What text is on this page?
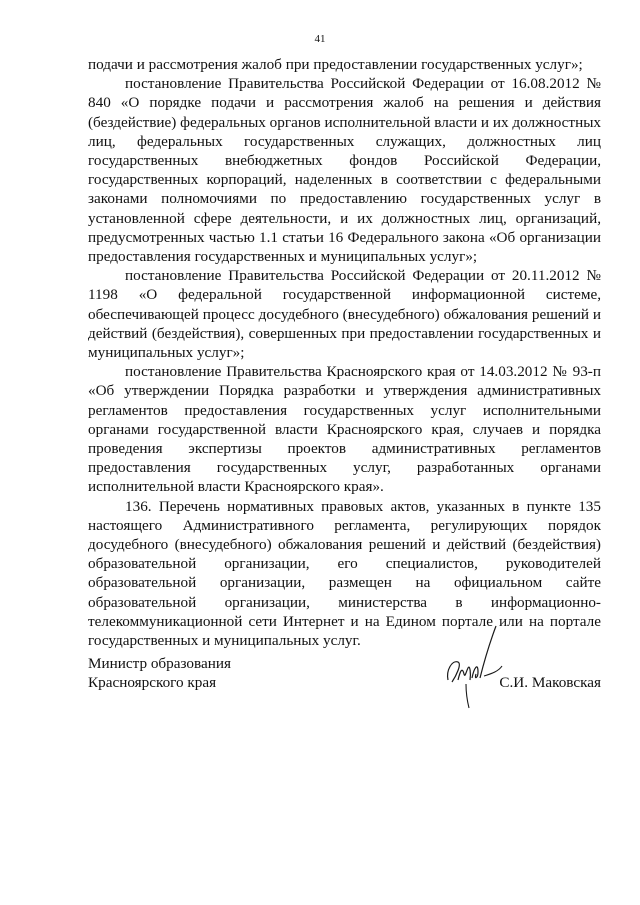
41

подачи и рассмотрения жалоб при предоставлении государственных услуг»;

постановление Правительства Российской Федерации от 16.08.2012 № 840 «О порядке подачи и рассмотрения жалоб на решения и действия (бездействие) федеральных органов исполнительной власти и их должностных лиц, федеральных государственных служащих, должностных лиц государственных внебюджетных фондов Российской Федерации, государственных корпораций, наделенных в соответствии с федеральными законами полномочиями по предоставлению государственных услуг в установленной сфере деятельности, и их должностных лиц, организаций, предусмотренных частью 1.1 статьи 16 Федерального закона «Об организации предоставления государственных и муниципальных услуг»;

постановление Правительства Российской Федерации от 20.11.2012 № 1198 «О федеральной государственной информационной системе, обеспечивающей процесс досудебного (внесудебного) обжалования решений и действий (бездействия), совершенных при предоставлении государственных и муниципальных услуг»;

постановление Правительства Красноярского края от 14.03.2012 № 93-п «Об утверждении Порядка разработки и утверждения административных регламентов предоставления государственных услуг исполнительными органами государственной власти Красноярского края, случаев и порядка проведения экспертизы проектов административных регламентов предоставления государственных услуг, разработанных органами исполнительной власти Красноярского края».

136. Перечень нормативных правовых актов, указанных в пункте 135 настоящего Административного регламента, регулирующих порядок досудебного (внесудебного) обжалования решений и действий (бездействия) образовательной организации, его специалистов, руководителей образовательной организации, размещен на официальном сайте образовательной организации, министерства в информационно-телекоммуникационной сети Интернет и на Едином портале или на портале государственных и муниципальных услуг.

Министр образования
Красноярского края	С.И. Маковская
